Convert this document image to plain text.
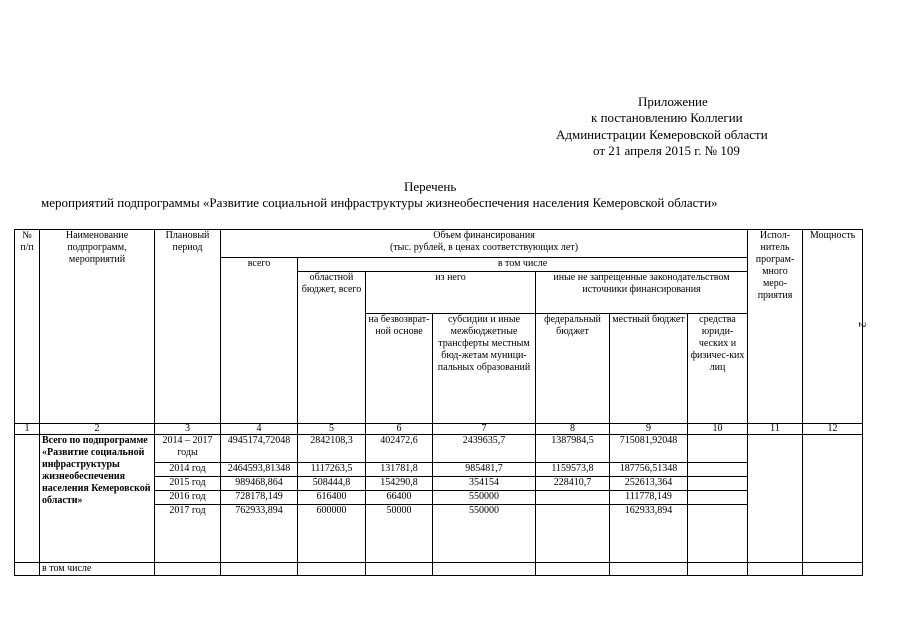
Приложение
к постановлению Коллегии
Администрации Кемеровской области
от 21 апреля 2015 г. № 109
Перечень
мероприятий подпрограммы «Развитие социальной инфраструктуры жизнеобеспечения населения Кемеровской области»
2
№ п/п	Наименование подпрограмм, мероприятий	Плановый период	Объем финансирования
(тыс. рублей, в ценах соответствующих лет)							Испол-нитель програм-много меро-приятия	Мощность
			всего	в том числе							
				областной бюджет, всего	из него		иные не запрещенные законодательством источники финансирования				
					на безвозврат-ной основе	субсидии и иные межбюджетные трансферты местным бюд-жетам муници-пальных образований	федеральный бюджет	местный бюджет	средства юриди-ческих и физичес-ких лиц		
1	2	3	4	5	6	7	8	9	10	11	12
	Всего по подпрограмме «Развитие социальной инфраструктуры жизнеобеспечения населения Кемеровской области»	2014 – 2017 годы	4945174,72048	2842108,3	402472,6	2439635,7	1387984,5	715081,92048			
		2014 год	2464593,81348	1117263,5	131781,8	985481,7	1159573,8	187756,51348			
		2015 год	989468,864	508444,8	154290,8	354154	228410,7	252613,364			
		2016 год	728178,149	616400	66400	550000		111778,149			
		2017 год	762933,894	600000	50000	550000		162933,894			

	в том числе										
